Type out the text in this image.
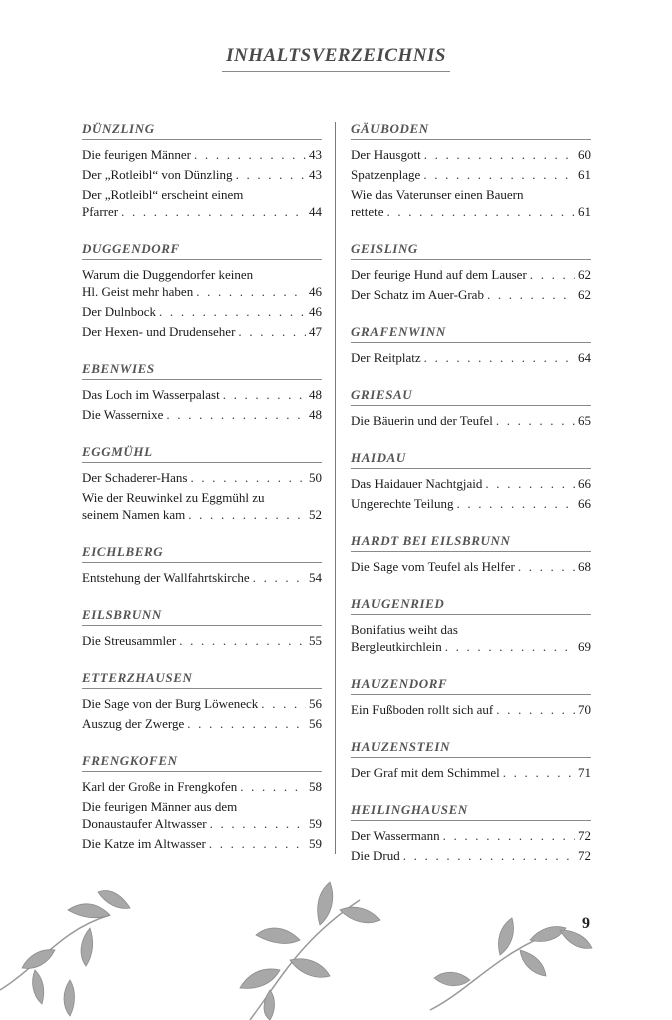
INHALTSVERZEICHNIS
DÜNZLING
Die feurigen Männer . . .	43
Der „Rotleibl“ von Dünzling . . .	43
Der „Rotleibl“ erscheint einem
Pfarrer . . .	44
DUGGENDORF
Warum die Duggendorfer keinen
Hl. Geist mehr haben . . .	46
Der Dulnbock . . .	46
Der Hexen- und Drudenseher . . .	47
EBENWIES
Das Loch im Wasserpalast . . .	48
Die Wassernixe . . .	48
EGGMÜHL
Der Schaderer-Hans . . .	50
Wie der Reuwinkel zu Eggmühl zu
seinem Namen kam . . .	52
EICHLBERG
Entstehung der Wallfahrtskirche . . .	54
EILSBRUNN
Die Streusammler . . .	55
ETTERZHAUSEN
Die Sage von der Burg Löweneck . . .	56
Auszug der Zwerge . . .	56
FRENGKOFEN
Karl der Große in Frengkofen . . .	58
Die feurigen Männer aus dem
Donaustaufer Altwasser . . .	59
Die Katze im Altwasser . . .	59
GÄUBODEN
Der Hausgott . . .	60
Spatzenplage . . .	61
Wie das Vaterunser einen Bauern
rettete . . .	61
GEISLING
Der feurige Hund auf dem Lauser . . .	62
Der Schatz im Auer-Grab . . .	62
GRAFENWINN
Der Reitplatz . . .	64
GRIESAU
Die Bäuerin und der Teufel . . .	65
HAIDAU
Das Haidauer Nachtgjaid . . .	66
Ungerechte Teilung . . .	66
HARDT BEI EILSBRUNN
Die Sage vom Teufel als Helfer . . .	68
HAUGENRIED
Bonifatius weiht das
Bergleutkirchlein . . .	69
HAUZENDORF
Ein Fußboden rollt sich auf . . .	70
HAUZENSTEIN
Der Graf mit dem Schimmel . . .	71
HEILINGHAUSEN
Der Wassermann . . .	72
Die Drud . . .	72
9
